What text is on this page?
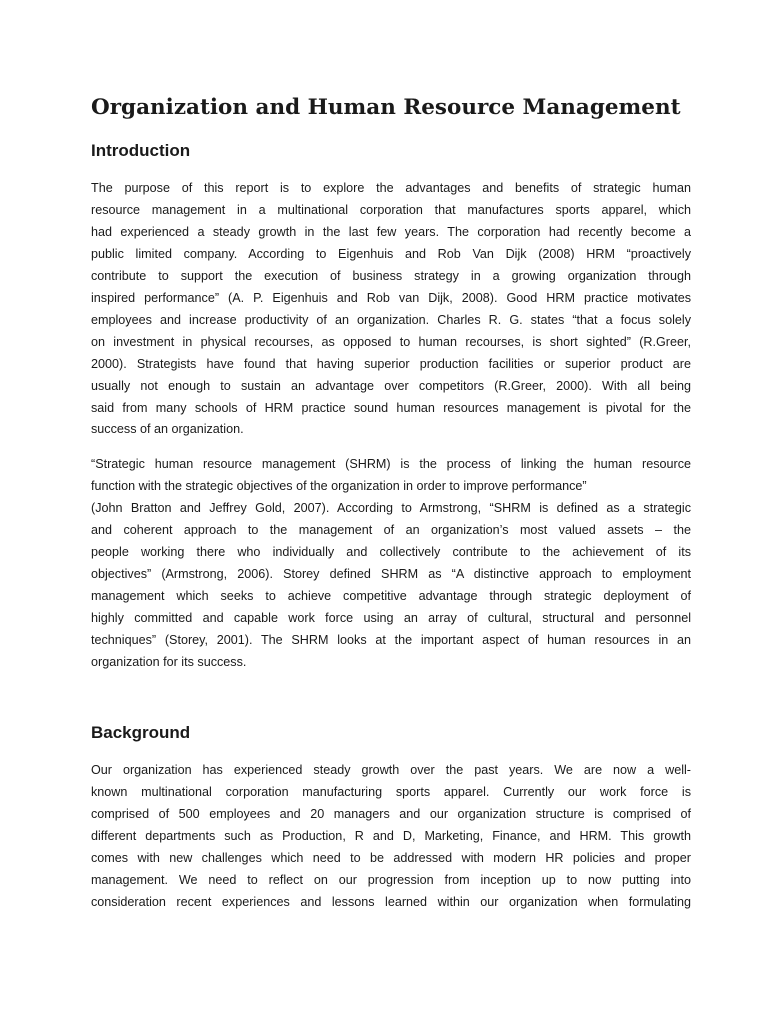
Organization and Human Resource Management
Introduction

The purpose of this report is to explore the advantages and benefits of strategic human
resource management in a multinational corporation that manufactures sports apparel, which
had experienced a steady growth in the last few years. The corporation had recently become a
public limited company. According to Eigenhuis and Rob Van Dijk (2008) HRM “proactively
contribute to support the execution of business strategy in a growing organization through
inspired performance” (A. P. Eigenhuis and Rob van Dijk, 2008). Good HRM practice motivates
employees and increase productivity of an organization. Charles R. G. states “that a focus solely
on investment in physical recourses, as opposed to human recourses, is short sighted” (R.Greer,
2000). Strategists have found that having superior production facilities or superior product are
usually not enough to sustain an advantage over competitors (R.Greer, 2000). With all being
said from many schools of HRM practice sound human resources management is pivotal for the
success of an organization.

“Strategic human resource management (SHRM) is the process of linking the human resource
function with the strategic objectives of the organization in order to improve performance”
(John Bratton and Jeffrey Gold, 2007). According to Armstrong, “SHRM is defined as a strategic
and coherent approach to the management of an organization’s most valued assets – the
people working there who individually and collectively contribute to the achievement of its
objectives” (Armstrong, 2006). Storey defined SHRM as “A distinctive approach to employment
management which seeks to achieve competitive advantage through strategic deployment of
highly committed and capable work force using an array of cultural, structural and personnel
techniques” (Storey, 2001). The SHRM looks at the important aspect of human resources in an
organization for its success.

Background

Our organization has experienced steady growth over the past years. We are now a well-
known multinational corporation manufacturing sports apparel. Currently our work force is
comprised of 500 employees and 20 managers and our organization structure is comprised of
different departments such as Production, R and D, Marketing, Finance, and HRM. This growth
comes with new challenges which need to be addressed with modern HR policies and proper
management. We need to reflect on our progression from inception up to now putting into
consideration recent experiences and lessons learned within our organization when formulating
